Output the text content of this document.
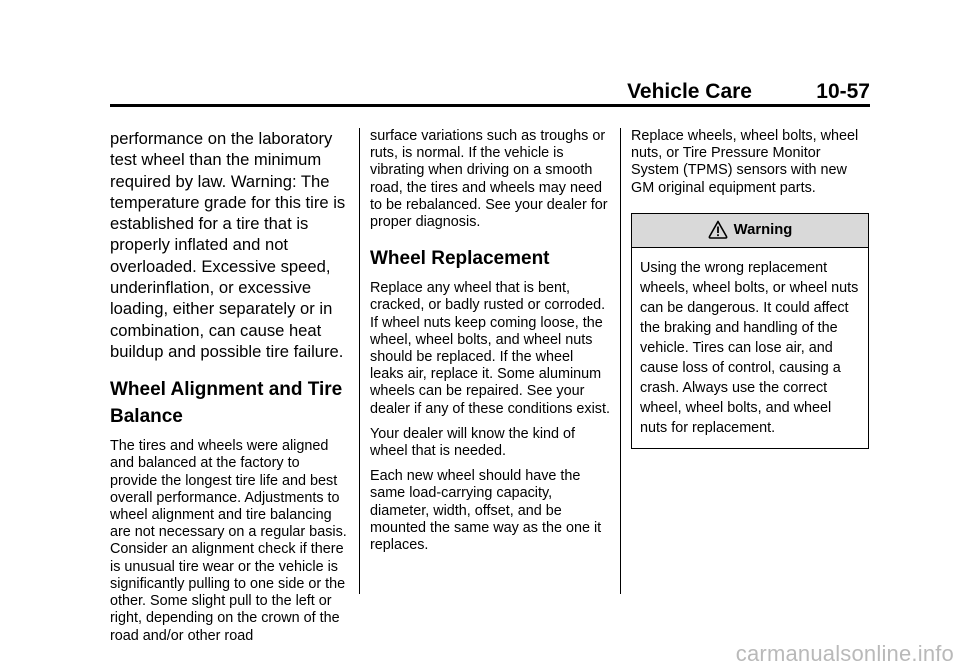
Vehicle Care	10-57

performance on the laboratory test wheel than the minimum required by law. Warning: The temperature grade for this tire is established for a tire that is properly inflated and not overloaded. Excessive speed, underinflation, or excessive loading, either separately or in combination, can cause heat buildup and possible tire failure.

Wheel Alignment and Tire Balance

The tires and wheels were aligned and balanced at the factory to provide the longest tire life and best overall performance. Adjustments to wheel alignment and tire balancing are not necessary on a regular basis. Consider an alignment check if there is unusual tire wear or the vehicle is significantly pulling to one side or the other. Some slight pull to the left or right, depending on the crown of the road and/or other road

surface variations such as troughs or ruts, is normal. If the vehicle is vibrating when driving on a smooth road, the tires and wheels may need to be rebalanced. See your dealer for proper diagnosis.

Wheel Replacement

Replace any wheel that is bent, cracked, or badly rusted or corroded. If wheel nuts keep coming loose, the wheel, wheel bolts, and wheel nuts should be replaced. If the wheel leaks air, replace it. Some aluminum wheels can be repaired. See your dealer if any of these conditions exist.

Your dealer will know the kind of wheel that is needed.

Each new wheel should have the same load-carrying capacity, diameter, width, offset, and be mounted the same way as the one it replaces.

Replace wheels, wheel bolts, wheel nuts, or Tire Pressure Monitor System (TPMS) sensors with new GM original equipment parts.

Warning
Using the wrong replacement wheels, wheel bolts, or wheel nuts can be dangerous. It could affect the braking and handling of the vehicle. Tires can lose air, and cause loss of control, causing a crash. Always use the correct wheel, wheel bolts, and wheel nuts for replacement.
carmanualsonline.info
